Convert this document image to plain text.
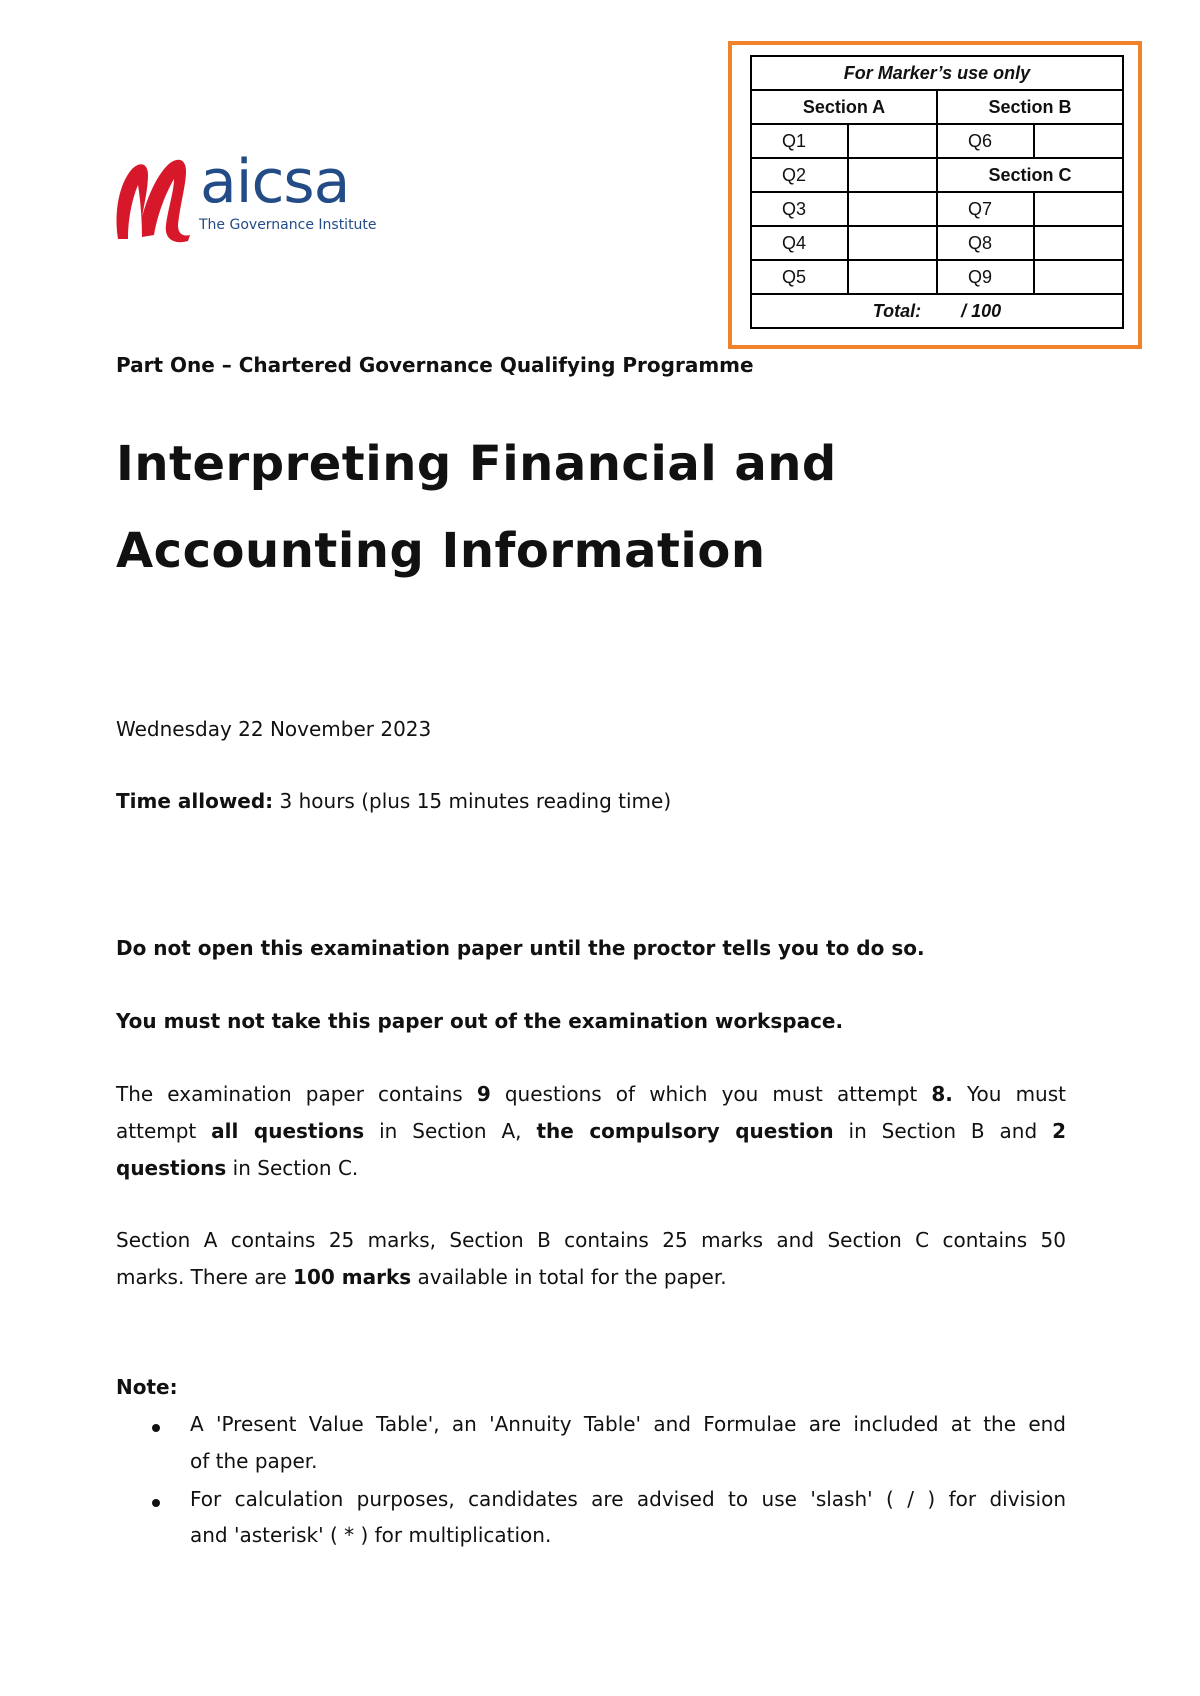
aicsa
The Governance Institute
For Marker’s use only			
Section A		Section B	
Q1		Q6	
Q2		Section C	
Q3		Q7	
Q4		Q8	
Q5		Q9	
Total: / 100			
Part One – Chartered Governance Qualifying Programme
Interpreting Financial and
Accounting Information
Wednesday 22 November 2023
Time allowed: 3 hours (plus 15 minutes reading time)
Do not open this examination paper until the proctor tells you to do so.
You must not take this paper out of the examination workspace.
The examination paper contains 9 questions of which you must attempt 8. You must
attempt all questions in Section A, the compulsory question in Section B and 2
questions in Section C.
Section A contains 25 marks, Section B contains 25 marks and Section C contains 50
marks. There are 100 marks available in total for the paper.
Note:
A 'Present Value Table', an 'Annuity Table' and Formulae are included at the end
of the paper.
For calculation purposes, candidates are advised to use 'slash' ( / ) for division
and 'asterisk' ( * ) for multiplication.
